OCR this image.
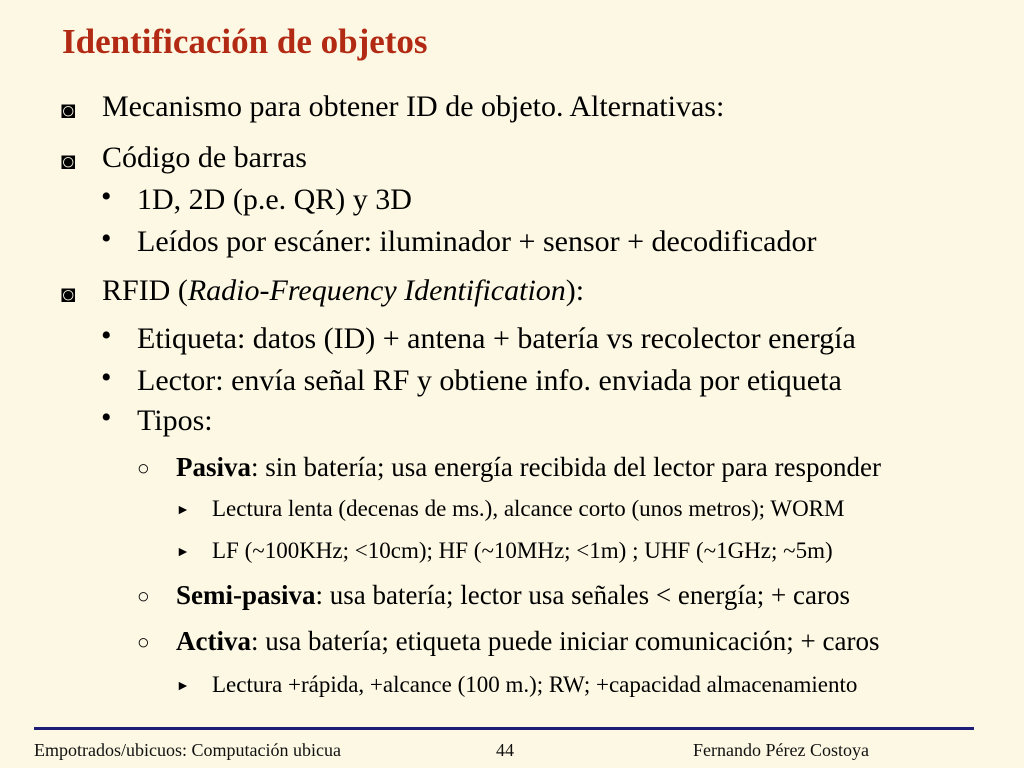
Identificación de objetos
◙ Mecanismo para obtener ID de objeto. Alternativas:
◙ Código de barras
• 1D, 2D (p.e. QR) y 3D
• Leídos por escáner: iluminador + sensor + decodificador
◙ RFID (Radio-Frequency Identification):
• Etiqueta: datos (ID) + antena + batería vs recolector energía
• Lector: envía señal RF y obtiene info. enviada por etiqueta
• Tipos:
○ Pasiva: sin batería; usa energía recibida del lector para responder
► Lectura lenta (decenas de ms.), alcance corto (unos metros); WORM
► LF (~100KHz; <10cm); HF (~10MHz; <1m) ; UHF (~1GHz; ~5m)
○ Semi-pasiva: usa batería; lector usa señales < energía; + caros
○ Activa: usa batería; etiqueta puede iniciar comunicación; + caros
► Lectura +rápida, +alcance (100 m.); RW; +capacidad almacenamiento
Empotrados/ubicuos: Computación ubicua	44	Fernando Pérez Costoya
